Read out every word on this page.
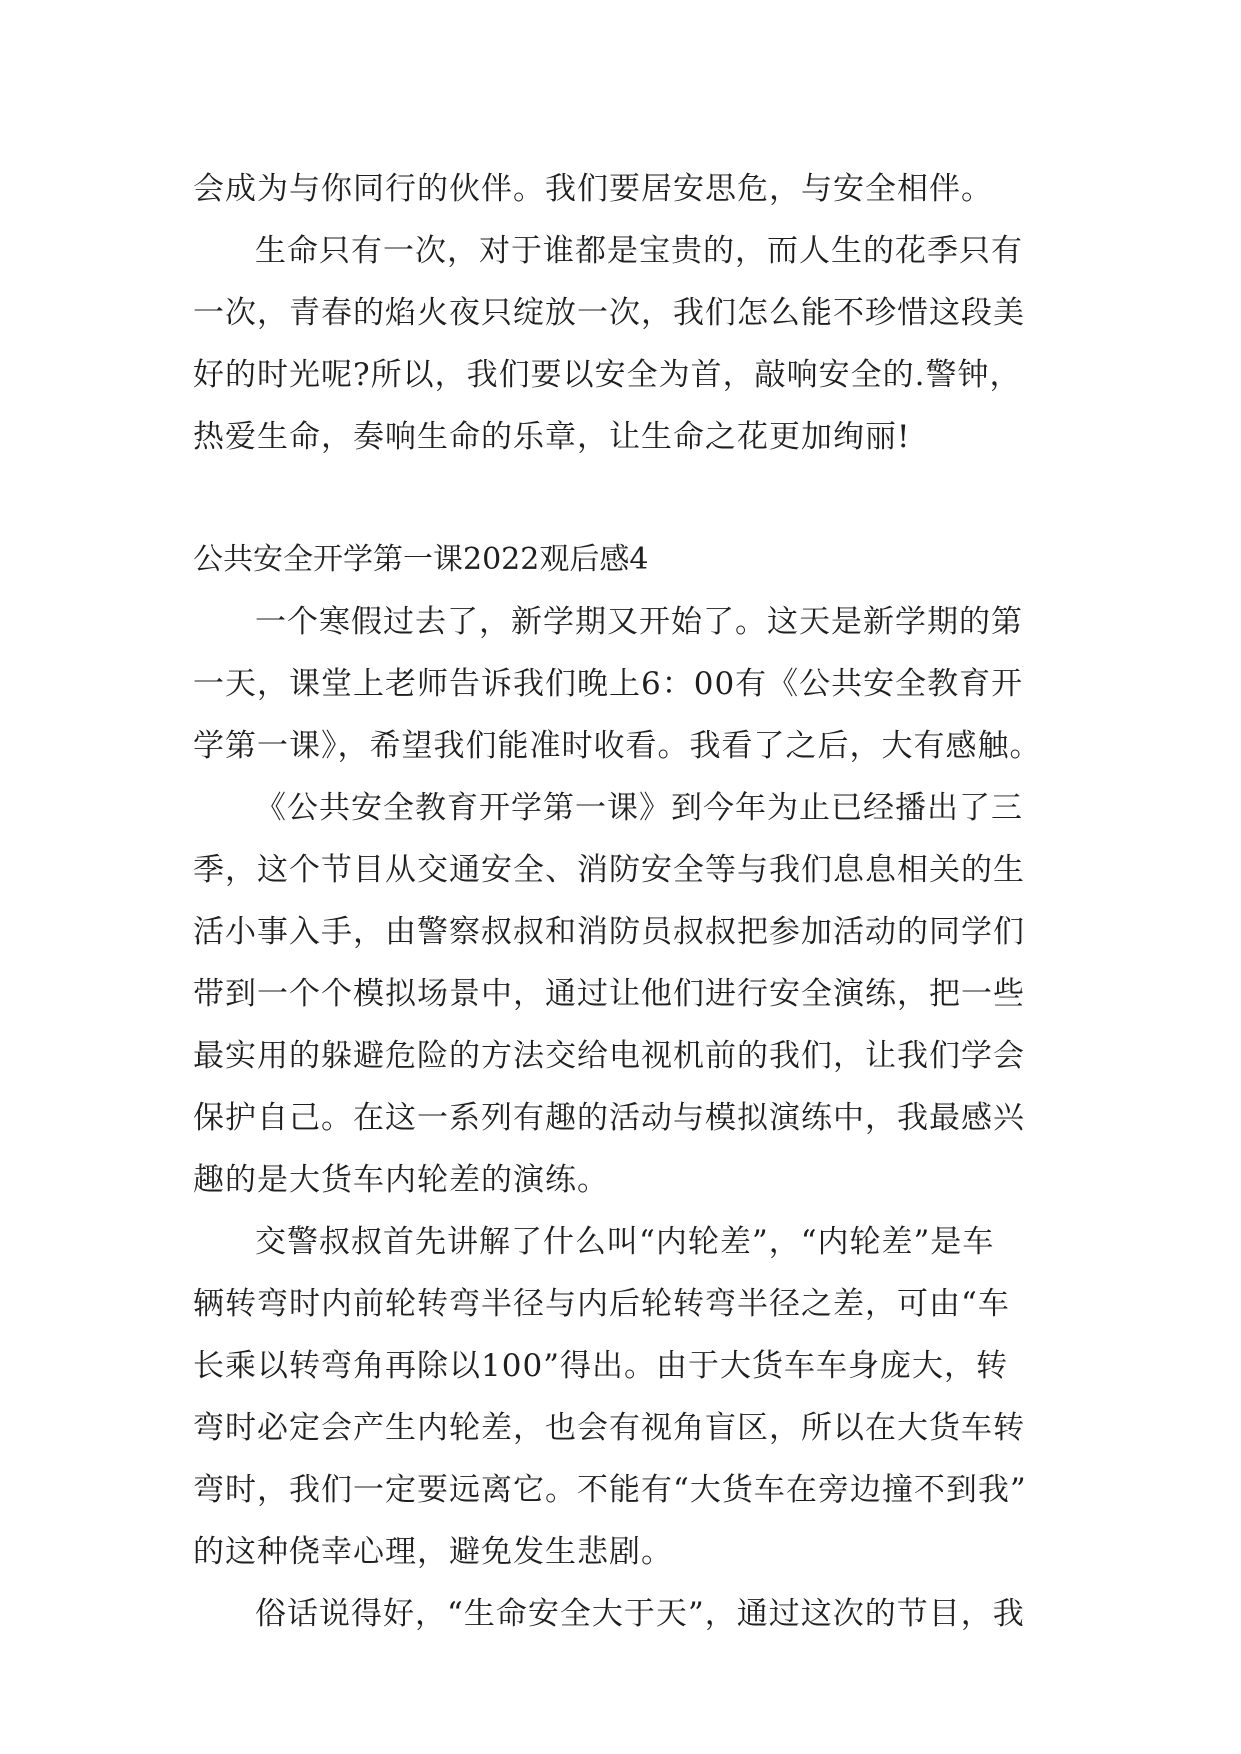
会成为与你同行的伙伴。我们要居安思危，与安全相伴。
生命只有一次，对于谁都是宝贵的，而人生的花季只有
一次，青春的焰火夜只绽放一次，我们怎么能不珍惜这段美
好的时光呢?所以，我们要以安全为首，敲响安全的.警钟，
热爱生命，奏响生命的乐章，让生命之花更加绚丽!
公共安全开学第一课2022观后感4
一个寒假过去了，新学期又开始了。这天是新学期的第
一天，课堂上老师告诉我们晚上6：00有《公共安全教育开
学第一课》，希望我们能准时收看。我看了之后，大有感触。
《公共安全教育开学第一课》到今年为止已经播出了三
季，这个节目从交通安全、消防安全等与我们息息相关的生
活小事入手，由警察叔叔和消防员叔叔把参加活动的同学们
带到一个个模拟场景中，通过让他们进行安全演练，把一些
最实用的躲避危险的方法交给电视机前的我们，让我们学会
保护自己。在这一系列有趣的活动与模拟演练中，我最感兴
趣的是大货车内轮差的演练。
交警叔叔首先讲解了什么叫“内轮差”，“内轮差”是车
辆转弯时内前轮转弯半径与内后轮转弯半径之差，可由“车
长乘以转弯角再除以100”得出。由于大货车车身庞大，转
弯时必定会产生内轮差，也会有视角盲区，所以在大货车转
弯时，我们一定要远离它。不能有“大货车在旁边撞不到我”
的这种侥幸心理，避免发生悲剧。
俗话说得好，“生命安全大于天”，通过这次的节目，我
